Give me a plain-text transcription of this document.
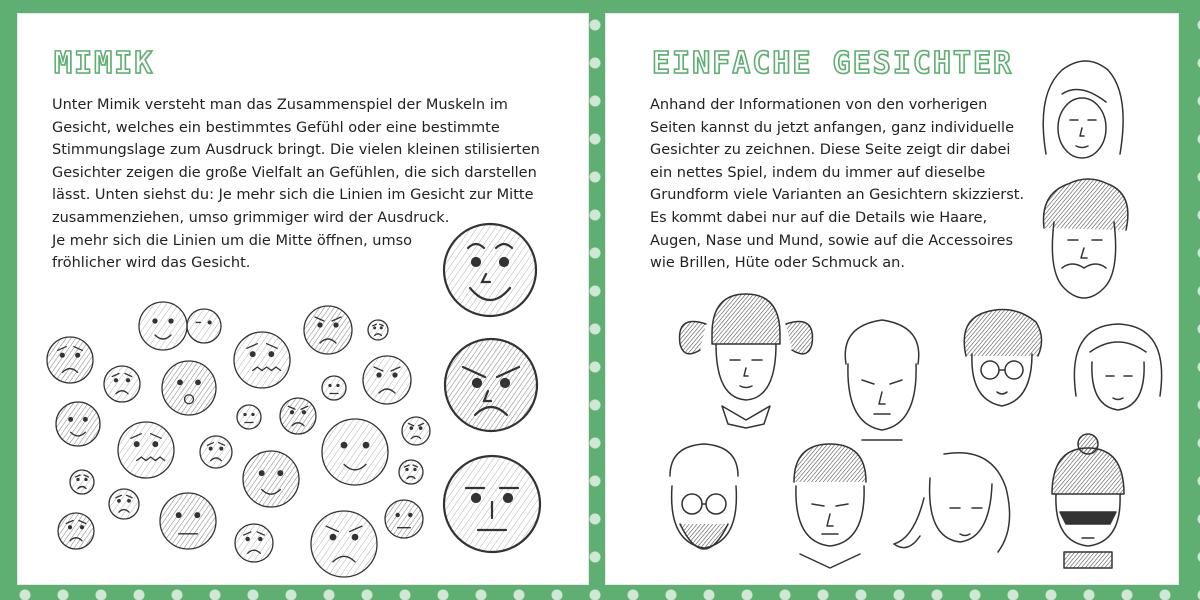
MIMIK

Unter Mimik versteht man das Zusammenspiel der Muskeln im
Gesicht, welches ein bestimmtes Gefühl oder eine bestimmte
Stimmungslage zum Ausdruck bringt. Die vielen kleinen stilisierten
Gesichter zeigen die große Vielfalt an Gefühlen, die sich darstellen
lässt. Unten siehst du: Je mehr sich die Linien im Gesicht zur Mitte
zusammenziehen, umso grimmiger wird der Ausdruck.
Je mehr sich die Linien um die Mitte öffnen, umso
fröhlicher wird das Gesicht.

EINFACHE GESICHTER

Anhand der Informationen von den vorherigen
Seiten kannst du jetzt anfangen, ganz individuelle
Gesichter zu zeichnen. Diese Seite zeigt dir dabei
ein nettes Spiel, indem du immer auf dieselbe
Grundform viele Varianten an Gesichtern skizzierst.
Es kommt dabei nur auf die Details wie Haare,
Augen, Nase und Mund, sowie auf die Accessoires
wie Brillen, Hüte oder Schmuck an.
